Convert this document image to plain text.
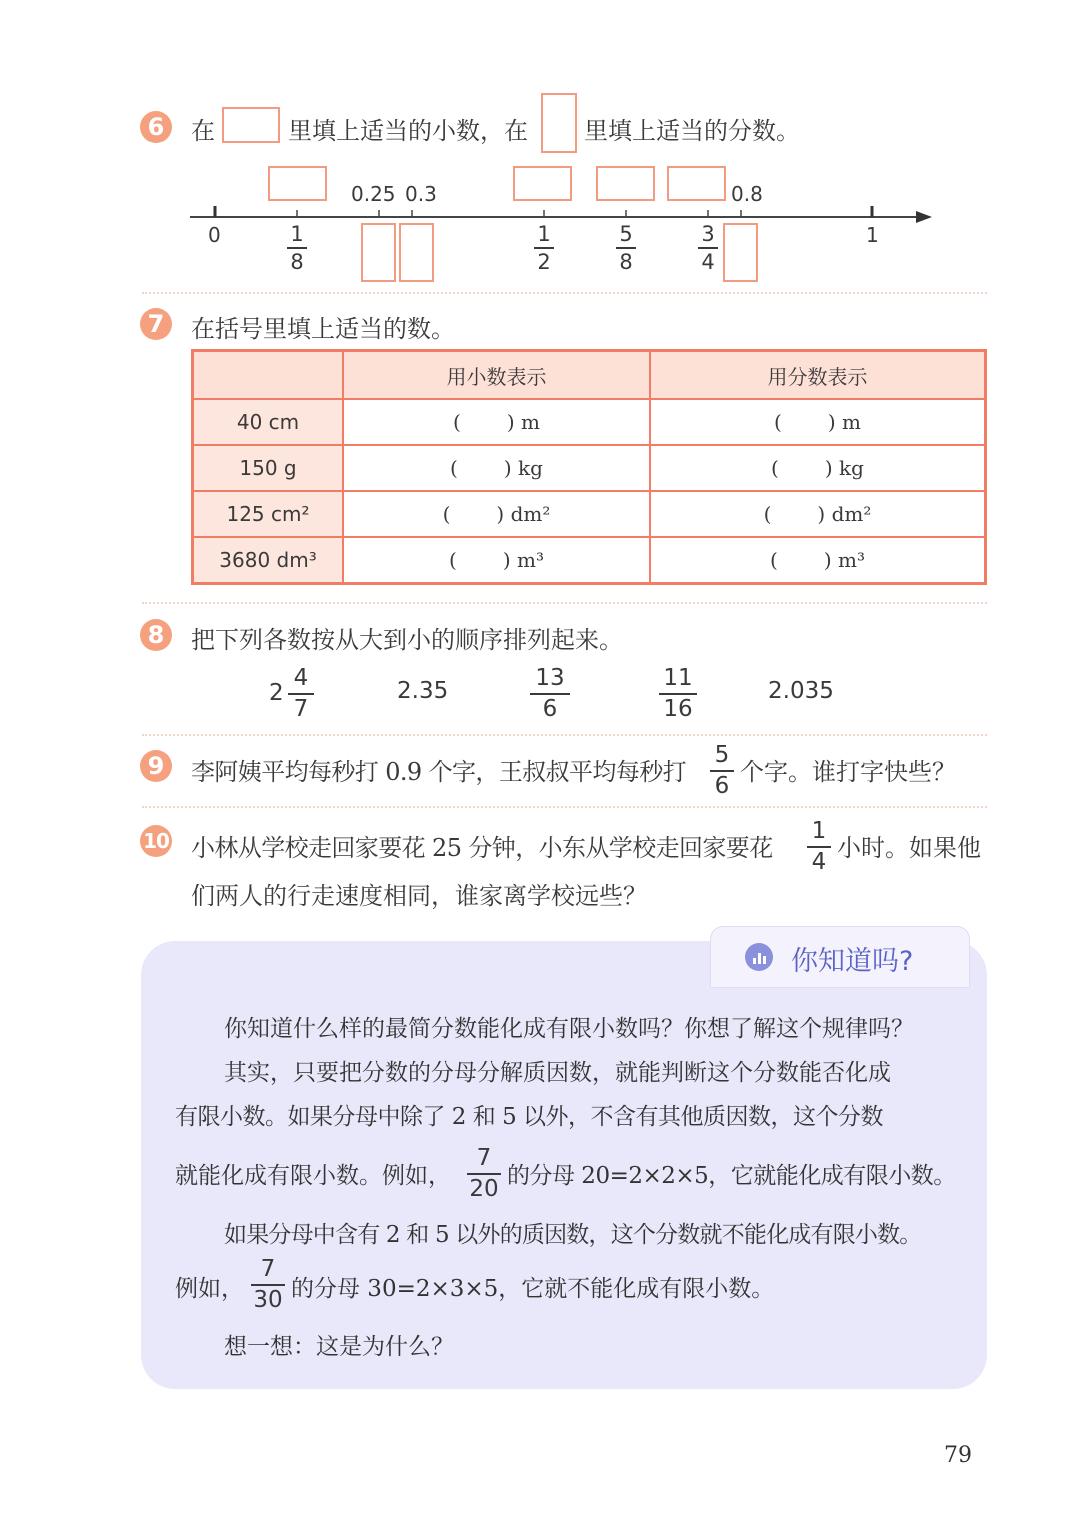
6	在	里填上适当的小数，在 里填上适当的分数。
0.25 0.3	0.8
0	1
1
8
1
2
5
8
3
4
7	在括号里填上适当的数。
	用小数表示	用分数表示
40 cm	( ) m	( ) m
150 g	( ) kg	( ) kg
125 cm²	( ) dm²	( ) dm²
3680 dm³	( ) m³	( ) m³
8	把下列各数按从大到小的顺序排列起来。
2
4
7
2.35	13
6
11
16
2.035
9	李阿姨平均每秒打 0.9 个字，王叔叔平均每秒打
5
6 个字。谁打字快些？
10 小林从学校走回家要花 25 分钟，小东从学校走回家要花
1
4 小时。如果他
们两人的行走速度相同，谁家离学校远些？
你知道吗?
你知道什么样的最简分数能化成有限小数吗？你想了解这个规律吗？
其实，只要把分数的分母分解质因数，就能判断这个分数能否化成
有限小数。如果分母中除了 2 和 5 以外，不含有其他质因数，这个分数
就能化成有限小数。例如，
7
20 的分母 20=2×2×5，它就能化成有限小数。
如果分母中含有 2 和 5 以外的质因数，这个分数就不能化成有限小数。
例如，
7
30 的分母 30=2×3×5，它就不能化成有限小数。
想一想：这是为什么？
79
